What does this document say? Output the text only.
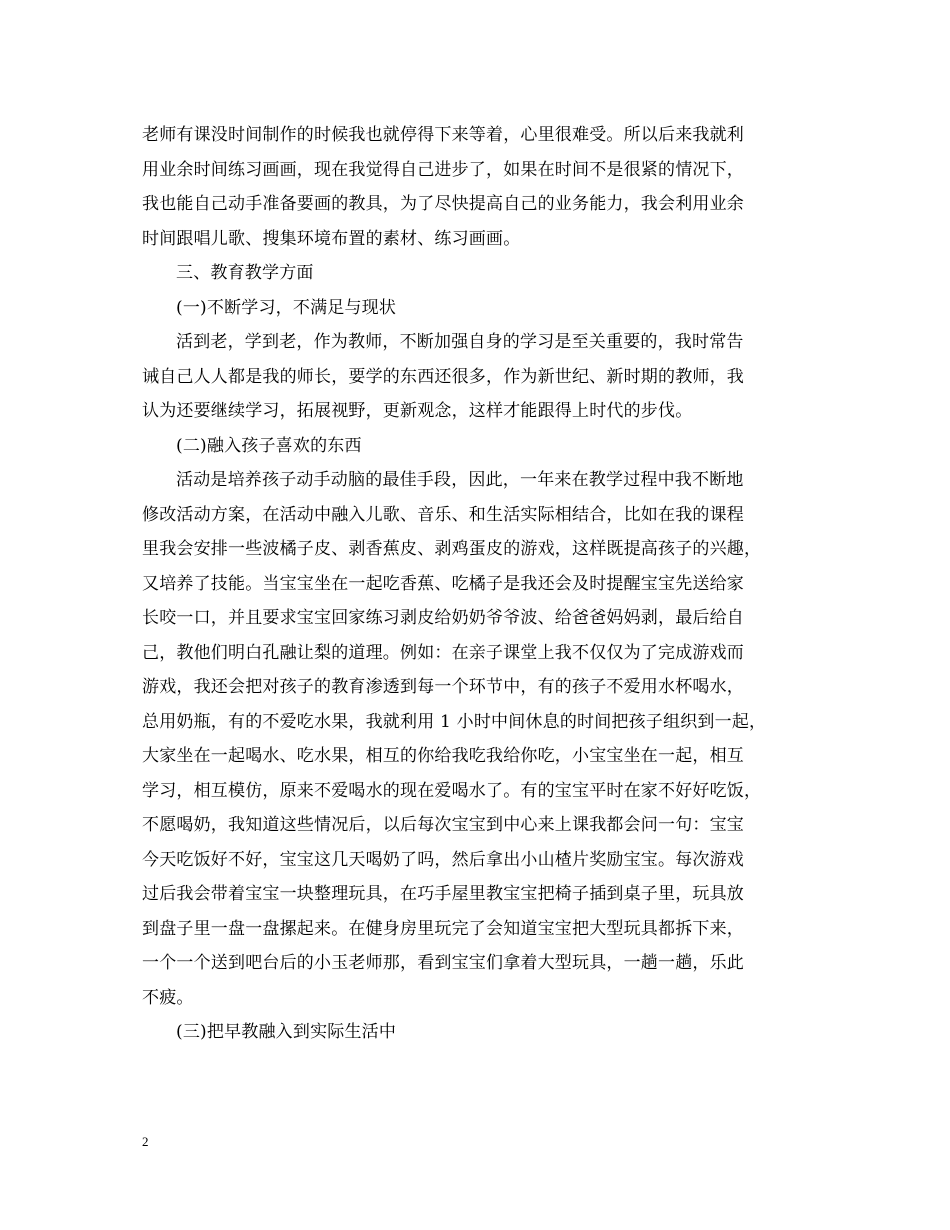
老师有课没时间制作的时候我也就停得下来等着，心里很难受。所以后来我就利
用业余时间练习画画，现在我觉得自己进步了，如果在时间不是很紧的情况下，
我也能自己动手准备要画的教具，为了尽快提高自己的业务能力，我会利用业余
时间跟唱儿歌、搜集环境布置的素材、练习画画。
三、教育教学方面
(一)不断学习，不满足与现状
活到老，学到老，作为教师，不断加强自身的学习是至关重要的，我时常告
诫自己人人都是我的师长，要学的东西还很多，作为新世纪、新时期的教师，我
认为还要继续学习，拓展视野，更新观念，这样才能跟得上时代的步伐。
(二)融入孩子喜欢的东西
活动是培养孩子动手动脑的最佳手段，因此，一年来在教学过程中我不断地
修改活动方案，在活动中融入儿歌、音乐、和生活实际相结合，比如在我的课程
里我会安排一些波橘子皮、剥香蕉皮、剥鸡蛋皮的游戏，这样既提高孩子的兴趣，
又培养了技能。当宝宝坐在一起吃香蕉、吃橘子是我还会及时提醒宝宝先送给家
长咬一口，并且要求宝宝回家练习剥皮给奶奶爷爷波、给爸爸妈妈剥，最后给自
己，教他们明白孔融让梨的道理。例如：在亲子课堂上我不仅仅为了完成游戏而
游戏，我还会把对孩子的教育渗透到每一个环节中，有的孩子不爱用水杯喝水，
总用奶瓶，有的不爱吃水果，我就利用 1 小时中间休息的时间把孩子组织到一起，
大家坐在一起喝水、吃水果，相互的你给我吃我给你吃，小宝宝坐在一起，相互
学习，相互模仿，原来不爱喝水的现在爱喝水了。有的宝宝平时在家不好好吃饭，
不愿喝奶，我知道这些情况后，以后每次宝宝到中心来上课我都会问一句：宝宝
今天吃饭好不好，宝宝这几天喝奶了吗，然后拿出小山楂片奖励宝宝。每次游戏
过后我会带着宝宝一块整理玩具，在巧手屋里教宝宝把椅子插到桌子里，玩具放
到盘子里一盘一盘摞起来。在健身房里玩完了会知道宝宝把大型玩具都拆下来，
一个一个送到吧台后的小玉老师那，看到宝宝们拿着大型玩具，一趟一趟，乐此
不疲。
(三)把早教融入到实际生活中
2
